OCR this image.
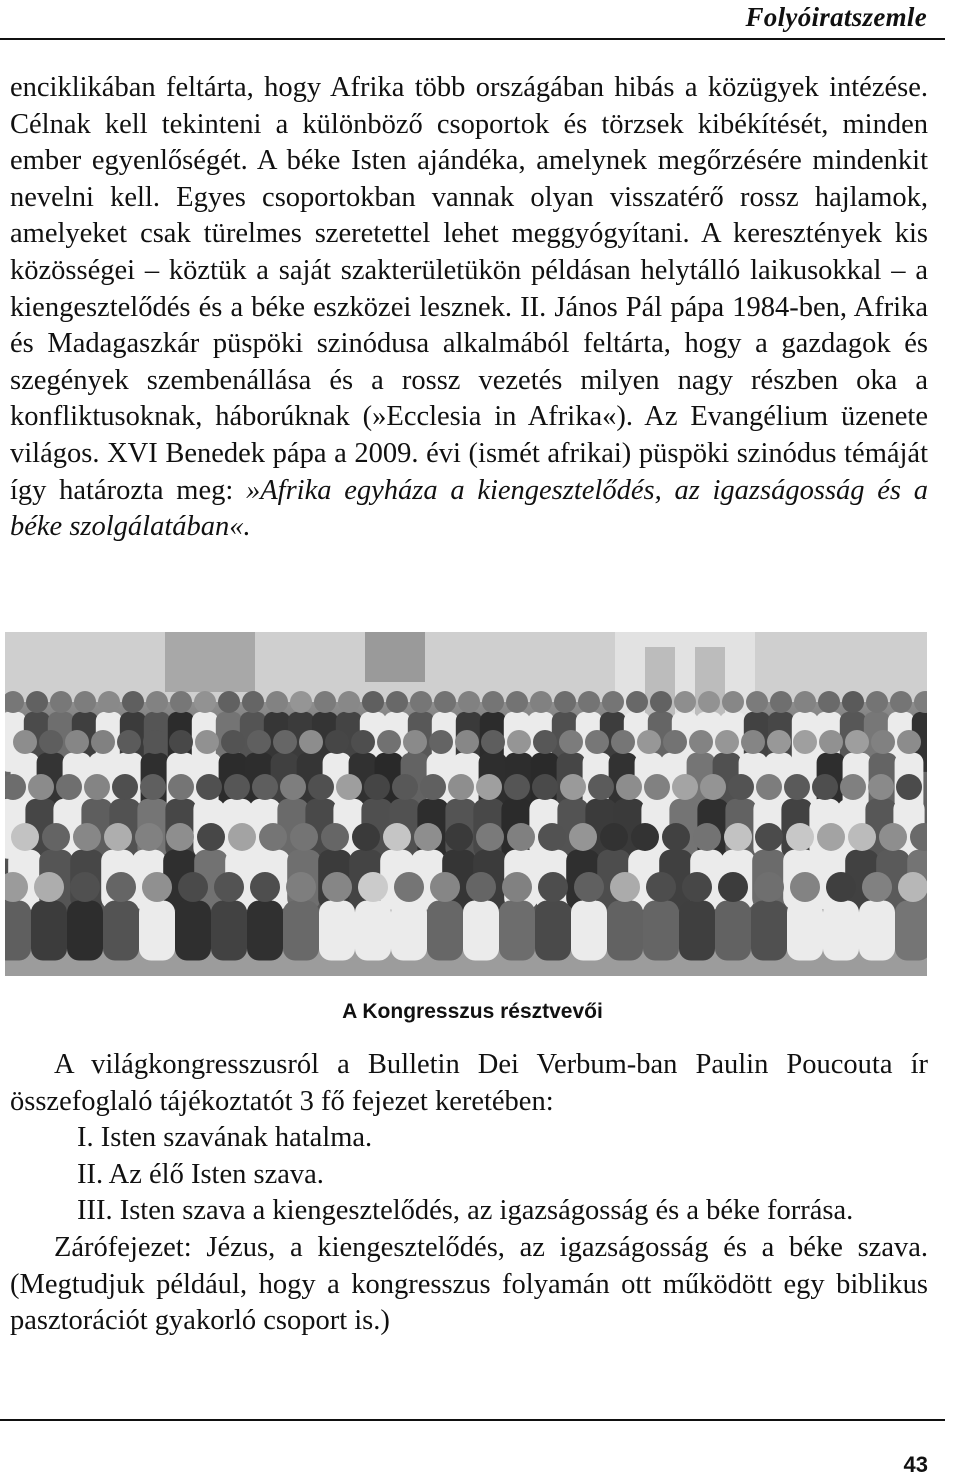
Folyóiratszemle

enciklikában feltárta, hogy Afrika több országában hibás a közügyek intézése. Célnak kell tekinteni a különböző csoportok és törzsek kibékítését, minden ember egyenlőségét. A béke Isten ajándéka, amelynek megőrzésére mindenkit nevelni kell. Egyes csoportokban vannak olyan visszatérő rossz hajlamok, amelyeket csak türelmes szeretettel lehet meggyógyítani. A keresztények kis közösségei – köztük a saját szakterületükön példásan helytálló laikusokkal – a kiengesztelődés és a béke eszközei lesznek. II. János Pál pápa 1984-ben, Afrika és Madagaszkár püspöki szinódusa alkalmából feltárta, hogy a gazdagok és szegények szembenállása és a rossz vezetés milyen nagy részben oka a konfliktusoknak, háborúknak (»Ecclesia in Afrika«). Az Evangélium üzenete világos. XVI Benedek pápa a 2009. évi (ismét afrikai) püspöki szinódus témáját így határozta meg: »Afrika egyháza a kiengesztelődés, az igazságosság és a béke szolgálatában«.

A Kongresszus résztvevői

A világkongresszusról a Bulletin Dei Verbum-ban Paulin Poucouta ír összefoglaló tájékoztatót 3 fő fejezet keretében:

I. Isten szavának hatalma.

II. Az élő Isten szava.

III. Isten szava a kiengesztelődés, az igazságosság és a béke forrása.

Zárófejezet: Jézus, a kiengesztelődés, az igazságosság és a béke szava. (Megtudjuk például, hogy a kongresszus folyamán ott működött egy biblikus pasztorációt gyakorló csoport is.)

43
